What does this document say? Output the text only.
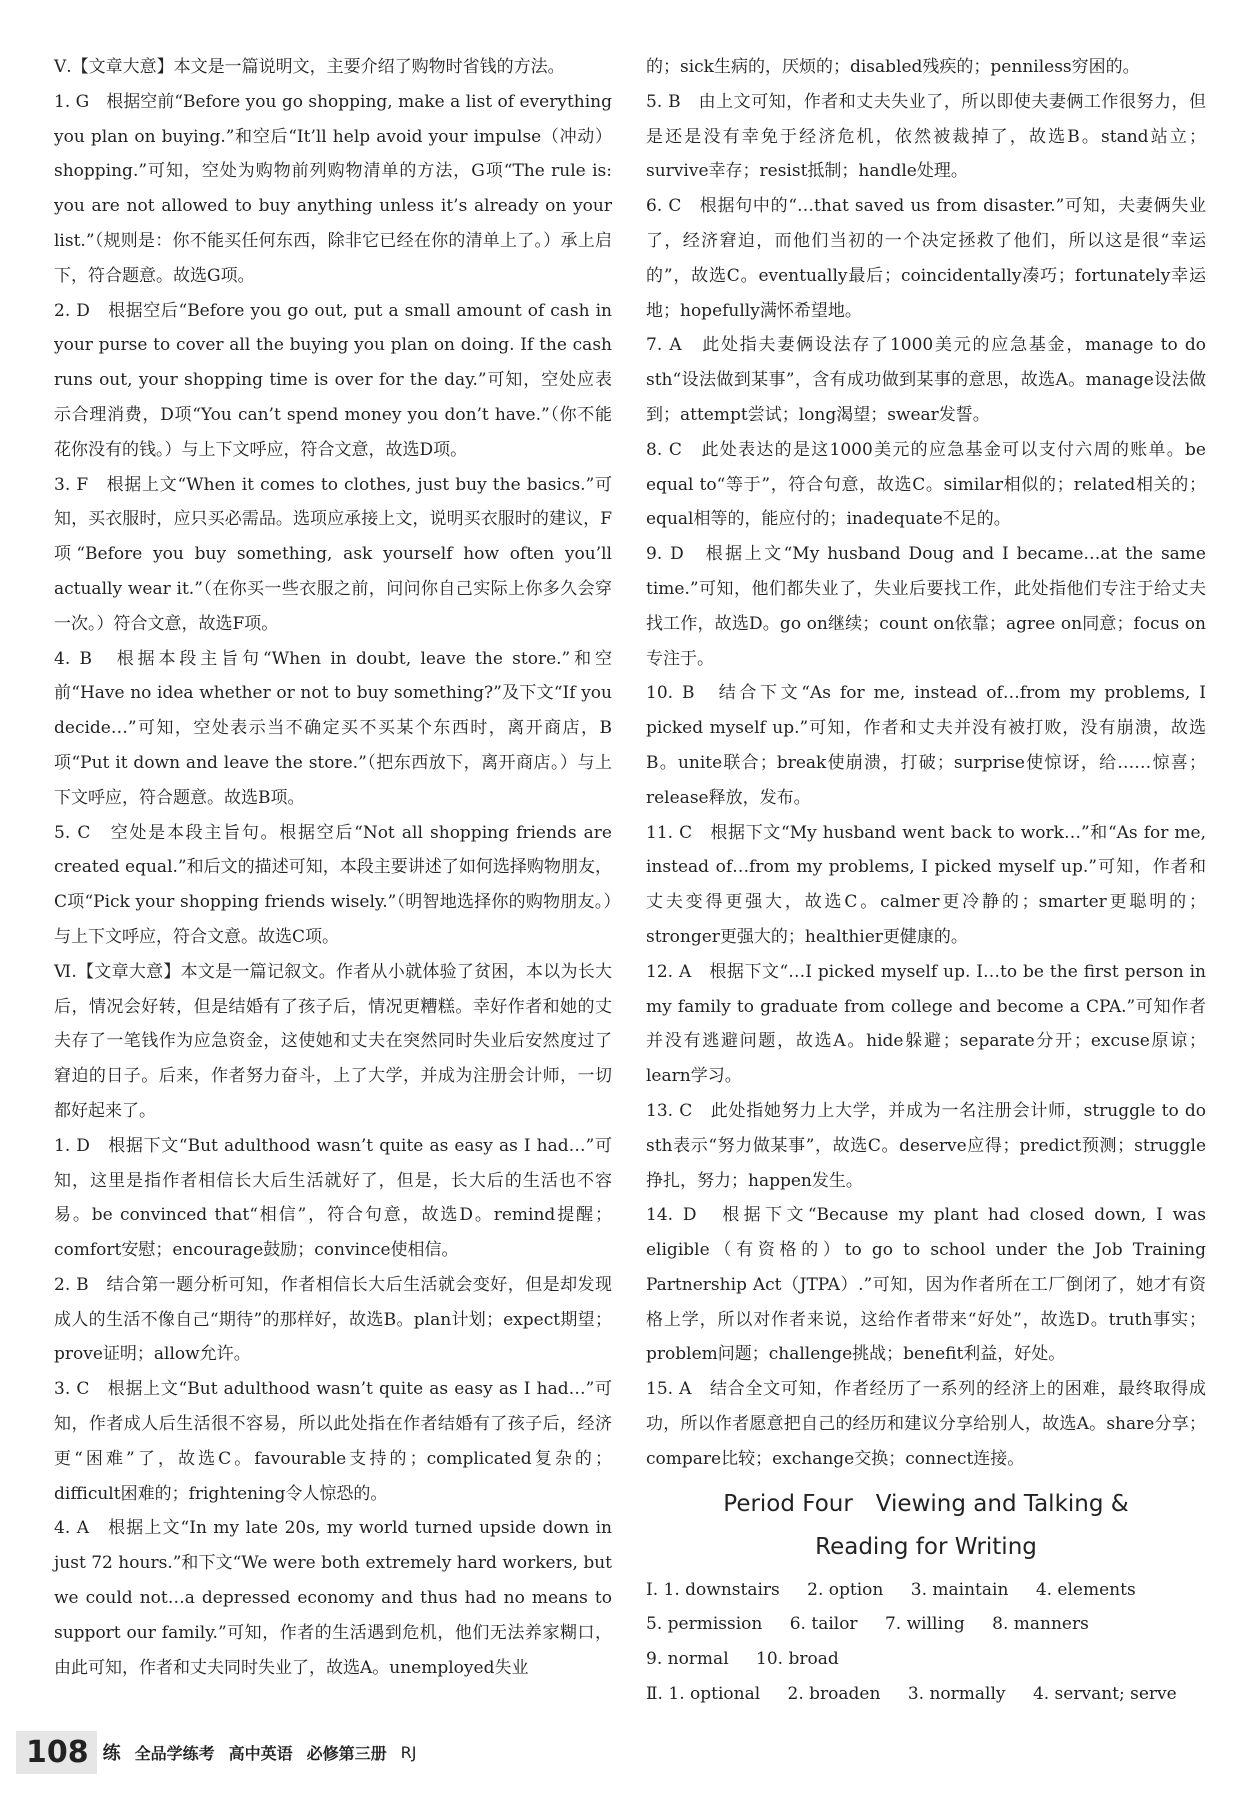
Ⅴ.【文章大意】本文是一篇说明文，主要介绍了购物时省钱的方法。

1. G　根据空前“Before you go shopping, make a list of everything you plan on buying.”和空后“It’ll help avoid your impulse（冲动）shopping.”可知，空处为购物前列购物清单的方法，G项“The rule is: you are not allowed to buy anything unless it’s already on your list.”（规则是：你不能买任何东西，除非它已经在你的清单上了。）承上启下，符合题意。故选G项。

2. D　根据空后“Before you go out, put a small amount of cash in your purse to cover all the buying you plan on doing. If the cash runs out, your shopping time is over for the day.”可知，空处应表示合理消费，D项“You can’t spend money you don’t have.”（你不能花你没有的钱。）与上下文呼应，符合文意，故选D项。

3. F　根据上文“When it comes to clothes, just buy the basics.”可知，买衣服时，应只买必需品。选项应承接上文，说明买衣服时的建议，F项“Before you buy something, ask yourself how often you’ll actually wear it.”（在你买一些衣服之前，问问你自己实际上你多久会穿一次。）符合文意，故选F项。

4. B　根据本段主旨句“When in doubt, leave the store.”和空前“Have no idea whether or not to buy something?”及下文“If you decide…”可知，空处表示当不确定买不买某个东西时，离开商店，B项“Put it down and leave the store.”（把东西放下，离开商店。）与上下文呼应，符合题意。故选B项。

5. C　空处是本段主旨句。根据空后“Not all shopping friends are created equal.”和后文的描述可知，本段主要讲述了如何选择购物朋友，C项“Pick your shopping friends wisely.”（明智地选择你的购物朋友。）与上下文呼应，符合文意。故选C项。

Ⅵ.【文章大意】本文是一篇记叙文。作者从小就体验了贫困，本以为长大后，情况会好转，但是结婚有了孩子后，情况更糟糕。幸好作者和她的丈夫存了一笔钱作为应急资金，这使她和丈夫在突然同时失业后安然度过了窘迫的日子。后来，作者努力奋斗，上了大学，并成为注册会计师，一切都好起来了。

1. D　根据下文“But adulthood wasn’t quite as easy as I had…”可知，这里是指作者相信长大后生活就好了，但是，长大后的生活也不容易。be convinced that“相信”，符合句意，故选D。remind提醒；comfort安慰；encourage鼓励；convince使相信。

2. B　结合第一题分析可知，作者相信长大后生活就会变好，但是却发现成人的生活不像自己“期待”的那样好，故选B。plan计划；expect期望；prove证明；allow允许。

3. C　根据上文“But adulthood wasn’t quite as easy as I had…”可知，作者成人后生活很不容易，所以此处指在作者结婚有了孩子后，经济更“困难”了，故选C。favourable支持的；complicated复杂的；difficult困难的；frightening令人惊恐的。

4. A　根据上文“In my late 20s, my world turned upside down in just 72 hours.”和下文“We were both extremely hard workers, but we could not…a depressed economy and thus had no means to support our family.”可知，作者的生活遇到危机，他们无法养家糊口，由此可知，作者和丈夫同时失业了，故选A。unemployed失业

的；sick生病的，厌烦的；disabled残疾的；penniless穷困的。

5. B　由上文可知，作者和丈夫失业了，所以即使夫妻俩工作很努力，但是还是没有幸免于经济危机，依然被裁掉了，故选B。stand站立；survive幸存；resist抵制；handle处理。

6. C　根据句中的“…that saved us from disaster.”可知，夫妻俩失业了，经济窘迫，而他们当初的一个决定拯救了他们，所以这是很“幸运的”，故选C。eventually最后；coincidentally凑巧；fortunately幸运地；hopefully满怀希望地。

7. A　此处指夫妻俩设法存了1000美元的应急基金，manage to do sth“设法做到某事”，含有成功做到某事的意思，故选A。manage设法做到；attempt尝试；long渴望；swear发誓。

8. C　此处表达的是这1000美元的应急基金可以支付六周的账单。be equal to“等于”，符合句意，故选C。similar相似的；related相关的；equal相等的，能应付的；inadequate不足的。

9. D　根据上文“My husband Doug and I became…at the same time.”可知，他们都失业了，失业后要找工作，此处指他们专注于给丈夫找工作，故选D。go on继续；count on依靠；agree on同意；focus on专注于。

10. B　结合下文“As for me, instead of…from my problems, I picked myself up.”可知，作者和丈夫并没有被打败，没有崩溃，故选B。unite联合；break使崩溃，打破；surprise使惊讶，给……惊喜；release释放，发布。

11. C　根据下文“My husband went back to work…”和“As for me, instead of…from my problems, I picked myself up.”可知，作者和丈夫变得更强大，故选C。calmer更冷静的；smarter更聪明的；stronger更强大的；healthier更健康的。

12. A　根据下文“…I picked myself up. I…to be the first person in my family to graduate from college and become a CPA.”可知作者并没有逃避问题，故选A。hide躲避；separate分开；excuse原谅；learn学习。

13. C　此处指她努力上大学，并成为一名注册会计师，struggle to do sth表示“努力做某事”，故选C。deserve应得；predict预测；struggle挣扎，努力；happen发生。

14. D　根据下文“Because my plant had closed down, I was eligible（有资格的）to go to school under the Job Training Partnership Act（JTPA）.”可知，因为作者所在工厂倒闭了，她才有资格上学，所以对作者来说，这给作者带来“好处”，故选D。truth事实；problem问题；challenge挑战；benefit利益，好处。

15. A　结合全文可知，作者经历了一系列的经济上的困难，最终取得成功，所以作者愿意把自己的经历和建议分享给别人，故选A。share分享；compare比较；exchange交换；connect连接。

Period Four　Viewing and Talking &
Reading for Writing

Ⅰ. 1. downstairs 2. option 3. maintain 4. elements 5. permission 6. tailor 7. willing 8. manners 9. normal 10. broad

Ⅱ. 1. optional 2. broaden 3. normally 4. servant; serve

108 练 全品学练考 高中英语 必修第三册 RJ
